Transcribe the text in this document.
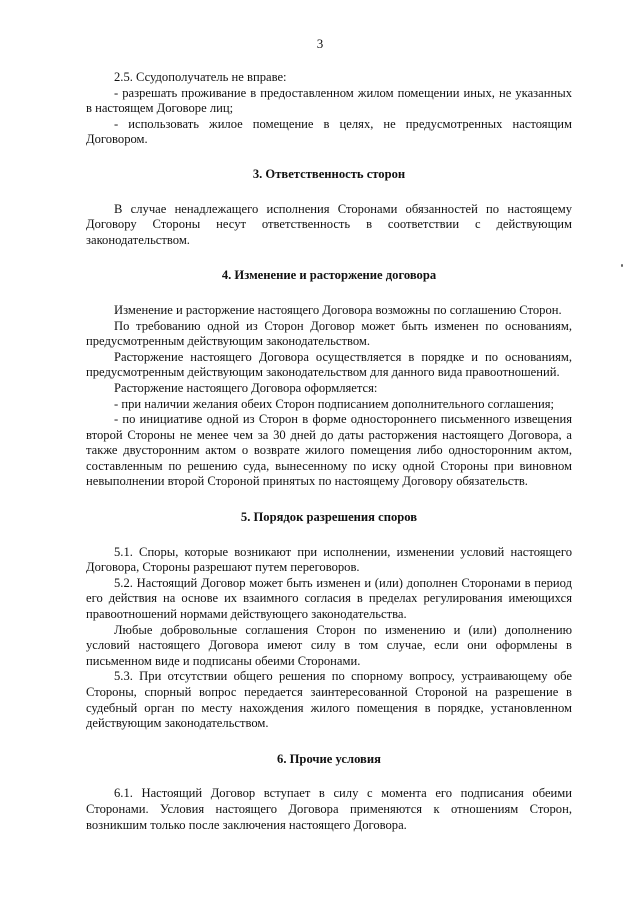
3

2.5. Ссудополучатель не вправе:

- разрешать проживание в предоставленном жилом помещении иных, не указанных в настоящем Договоре лиц;

- использовать жилое помещение в целях, не предусмотренных настоящим Договором.

3. Ответственность сторон

В случае ненадлежащего исполнения Сторонами обязанностей по настоящему Договору Стороны несут ответственность в соответствии с действующим законодательством.

4. Изменение и расторжение договора

Изменение и расторжение настоящего Договора возможны по соглашению Сторон.

По требованию одной из Сторон Договор может быть изменен по основаниям, предусмотренным действующим законодательством.

Расторжение настоящего Договора осуществляется в порядке и по основаниям, предусмотренным действующим законодательством для данного вида правоотношений.

Расторжение настоящего Договора оформляется:

- при наличии желания обеих Сторон подписанием дополнительного соглашения;

- по инициативе одной из Сторон в форме одностороннего письменного извещения второй Стороны не менее чем за 30 дней до даты расторжения настоящего Договора, а также двусторонним актом о возврате жилого помещения либо односторонним актом, составленным по решению суда, вынесенному по иску одной Стороны при виновном невыполнении второй Стороной принятых по настоящему Договору обязательств.

5. Порядок разрешения споров

5.1. Споры, которые возникают при исполнении, изменении условий настоящего Договора, Стороны разрешают путем переговоров.

5.2. Настоящий Договор может быть изменен и (или) дополнен Сторонами в период его действия на основе их взаимного согласия в пределах регулирования имеющихся правоотношений нормами действующего законодательства.

Любые добровольные соглашения Сторон по изменению и (или) дополнению условий настоящего Договора имеют силу в том случае, если они оформлены в письменном виде и подписаны обеими Сторонами.

5.3. При отсутствии общего решения по спорному вопросу, устраивающему обе Стороны, спорный вопрос передается заинтересованной Стороной на разрешение в судебный орган по месту нахождения жилого помещения в порядке, установленном действующим законодательством.

6. Прочие условия

6.1. Настоящий Договор вступает в силу с момента его подписания обеими Сторонами. Условия настоящего Договора применяются к отношениям Сторон, возникшим только после заключения настоящего Договора.
